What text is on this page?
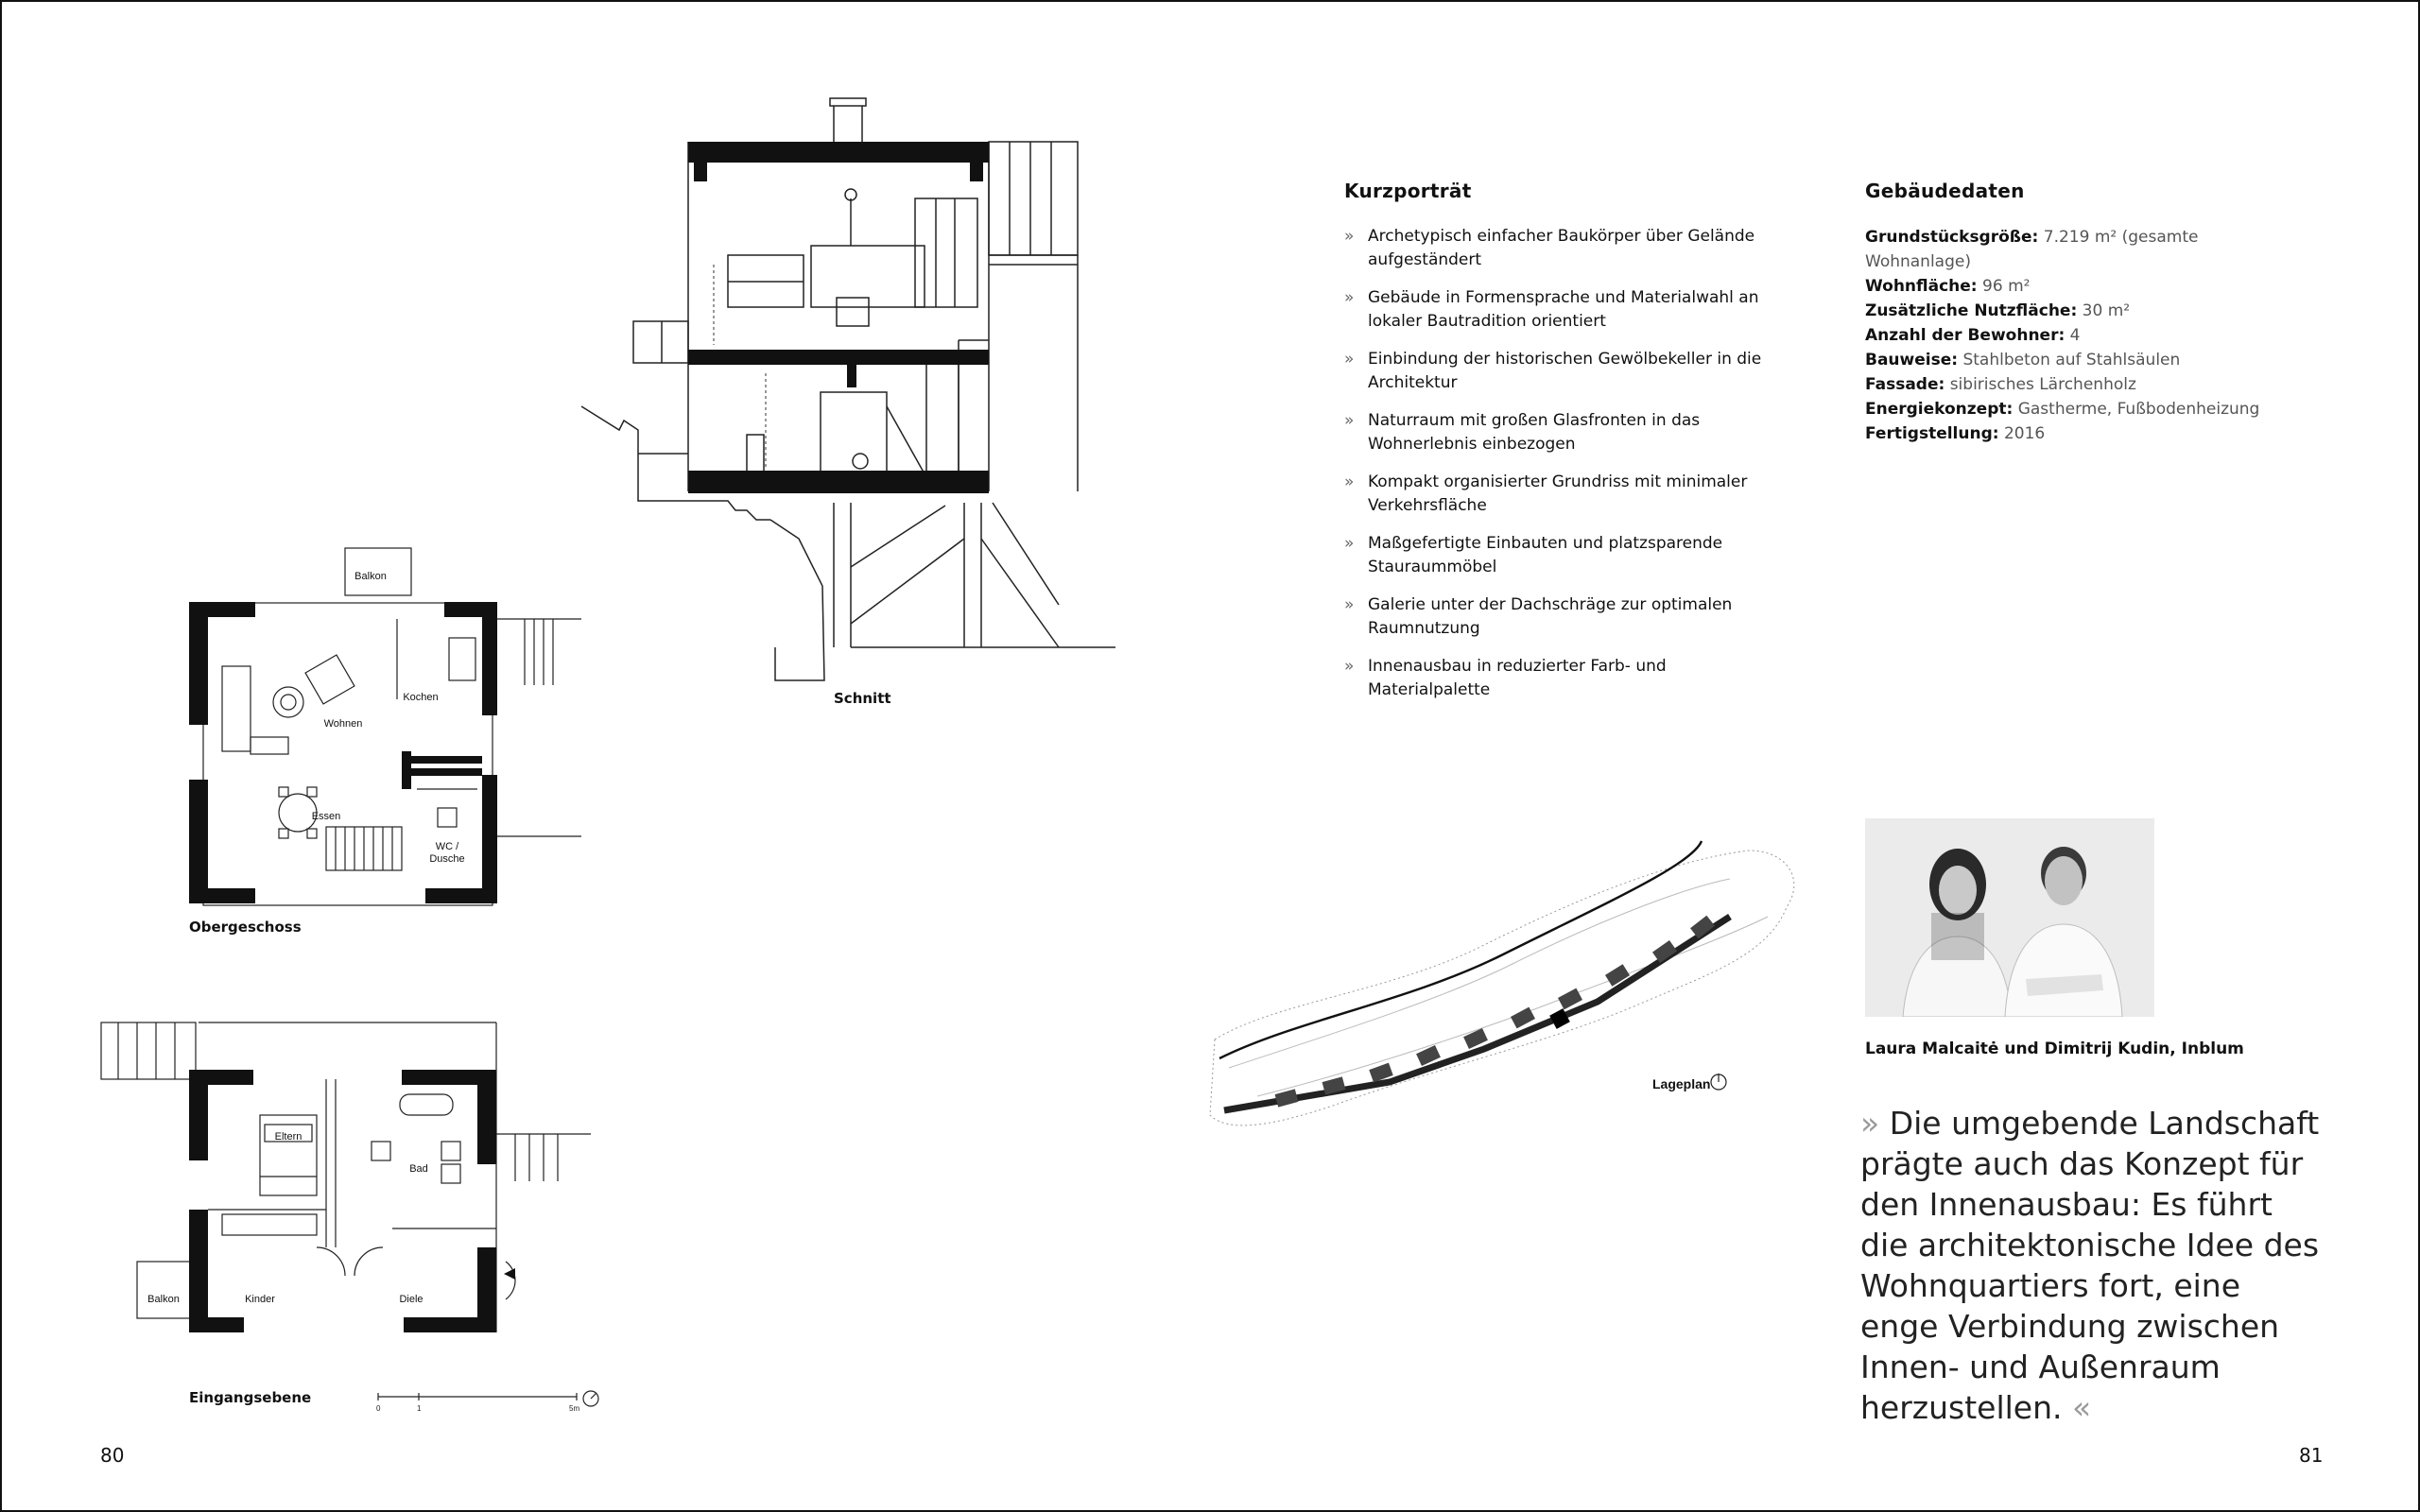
Schnitt
Balkon
Wohnen
Kochen
Essen
WC /
Dusche
Obergeschoss
Eltern
Bad
Balkon	Kinder	Diele
0	1	5m
Eingangsebene
Kurzporträt
» Archetypisch einfacher Baukörper über Gelände aufgeständert
» Gebäude in Formensprache und Materialwahl an lokaler Bautradition orientiert
» Einbindung der historischen Gewölbekeller in die Architektur
» Naturraum mit großen Glasfronten in das Wohnerlebnis einbezogen
» Kompakt organisierter Grundriss mit minimaler Verkehrsfläche
» Maßgefertigte Einbauten und platzsparende Stauraummöbel
» Galerie unter der Dachschräge zur optimalen Raumnutzung
» Innenausbau in reduzierter Farb- und Materialpalette
Gebäudedaten
Grundstücksgröße: 7.219 m² (gesamte Wohnanlage)
Wohnfläche: 96 m²
Zusätzliche Nutzfläche: 30 m²
Anzahl der Bewohner: 4
Bauweise: Stahlbeton auf Stahlsäulen
Fassade: sibirisches Lärchenholz
Energiekonzept: Gastherme, Fußbodenheizung
Fertigstellung: 2016
Lageplan
Laura Malcaitė und Dimitrij Kudin, Inblum
» Die umgebende Landschaft prägte auch das Konzept für den Innenausbau: Es führt die architektonische Idee des Wohnquartiers fort, eine enge Verbindung zwischen Innen- und Außenraum herzustellen. «
80	81
